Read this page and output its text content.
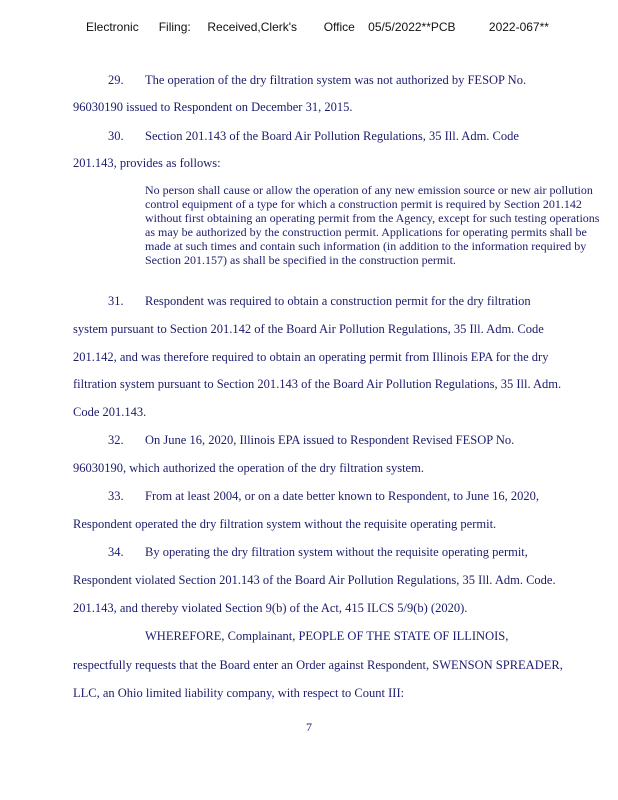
Electronic      Filing:     Received,Clerk's        Office    05/5/2022**PCB          2022-067**
29. The operation of the dry filtration system was not authorized by FESOP No.
96030190 issued to Respondent on December 31, 2015.
30. Section 201.143 of the Board Air Pollution Regulations, 35 Ill. Adm. Code
201.143, provides as follows:

No person shall cause or allow the operation of any new emission source or new air pollution control equipment of a type for which a construction permit is required by Section 201.142 without first obtaining an operating permit from the Agency, except for such testing operations as may be authorized by the construction permit. Applications for operating permits shall be made at such times and contain such information (in addition to the information required by Section 201.157) as shall be specified in the construction permit.

31. Respondent was required to obtain a construction permit for the dry filtration
system pursuant to Section 201.142 of the Board Air Pollution Regulations, 35 Ill. Adm. Code
201.142, and was therefore required to obtain an operating permit from Illinois EPA for the dry
filtration system pursuant to Section 201.143 of the Board Air Pollution Regulations, 35 Ill. Adm.
Code 201.143.
32. On June 16, 2020, Illinois EPA issued to Respondent Revised FESOP No.
96030190, which authorized the operation of the dry filtration system.
33. From at least 2004, or on a date better known to Respondent, to June 16, 2020,
Respondent operated the dry filtration system without the requisite operating permit.
34. By operating the dry filtration system without the requisite operating permit,
Respondent violated Section 201.143 of the Board Air Pollution Regulations, 35 Ill. Adm. Code.
201.143, and thereby violated Section 9(b) of the Act, 415 ILCS 5/9(b) (2020).
WHEREFORE, Complainant, PEOPLE OF THE STATE OF ILLINOIS,
respectfully requests that the Board enter an Order against Respondent, SWENSON SPREADER,
LLC, an Ohio limited liability company, with respect to Count III:
7
